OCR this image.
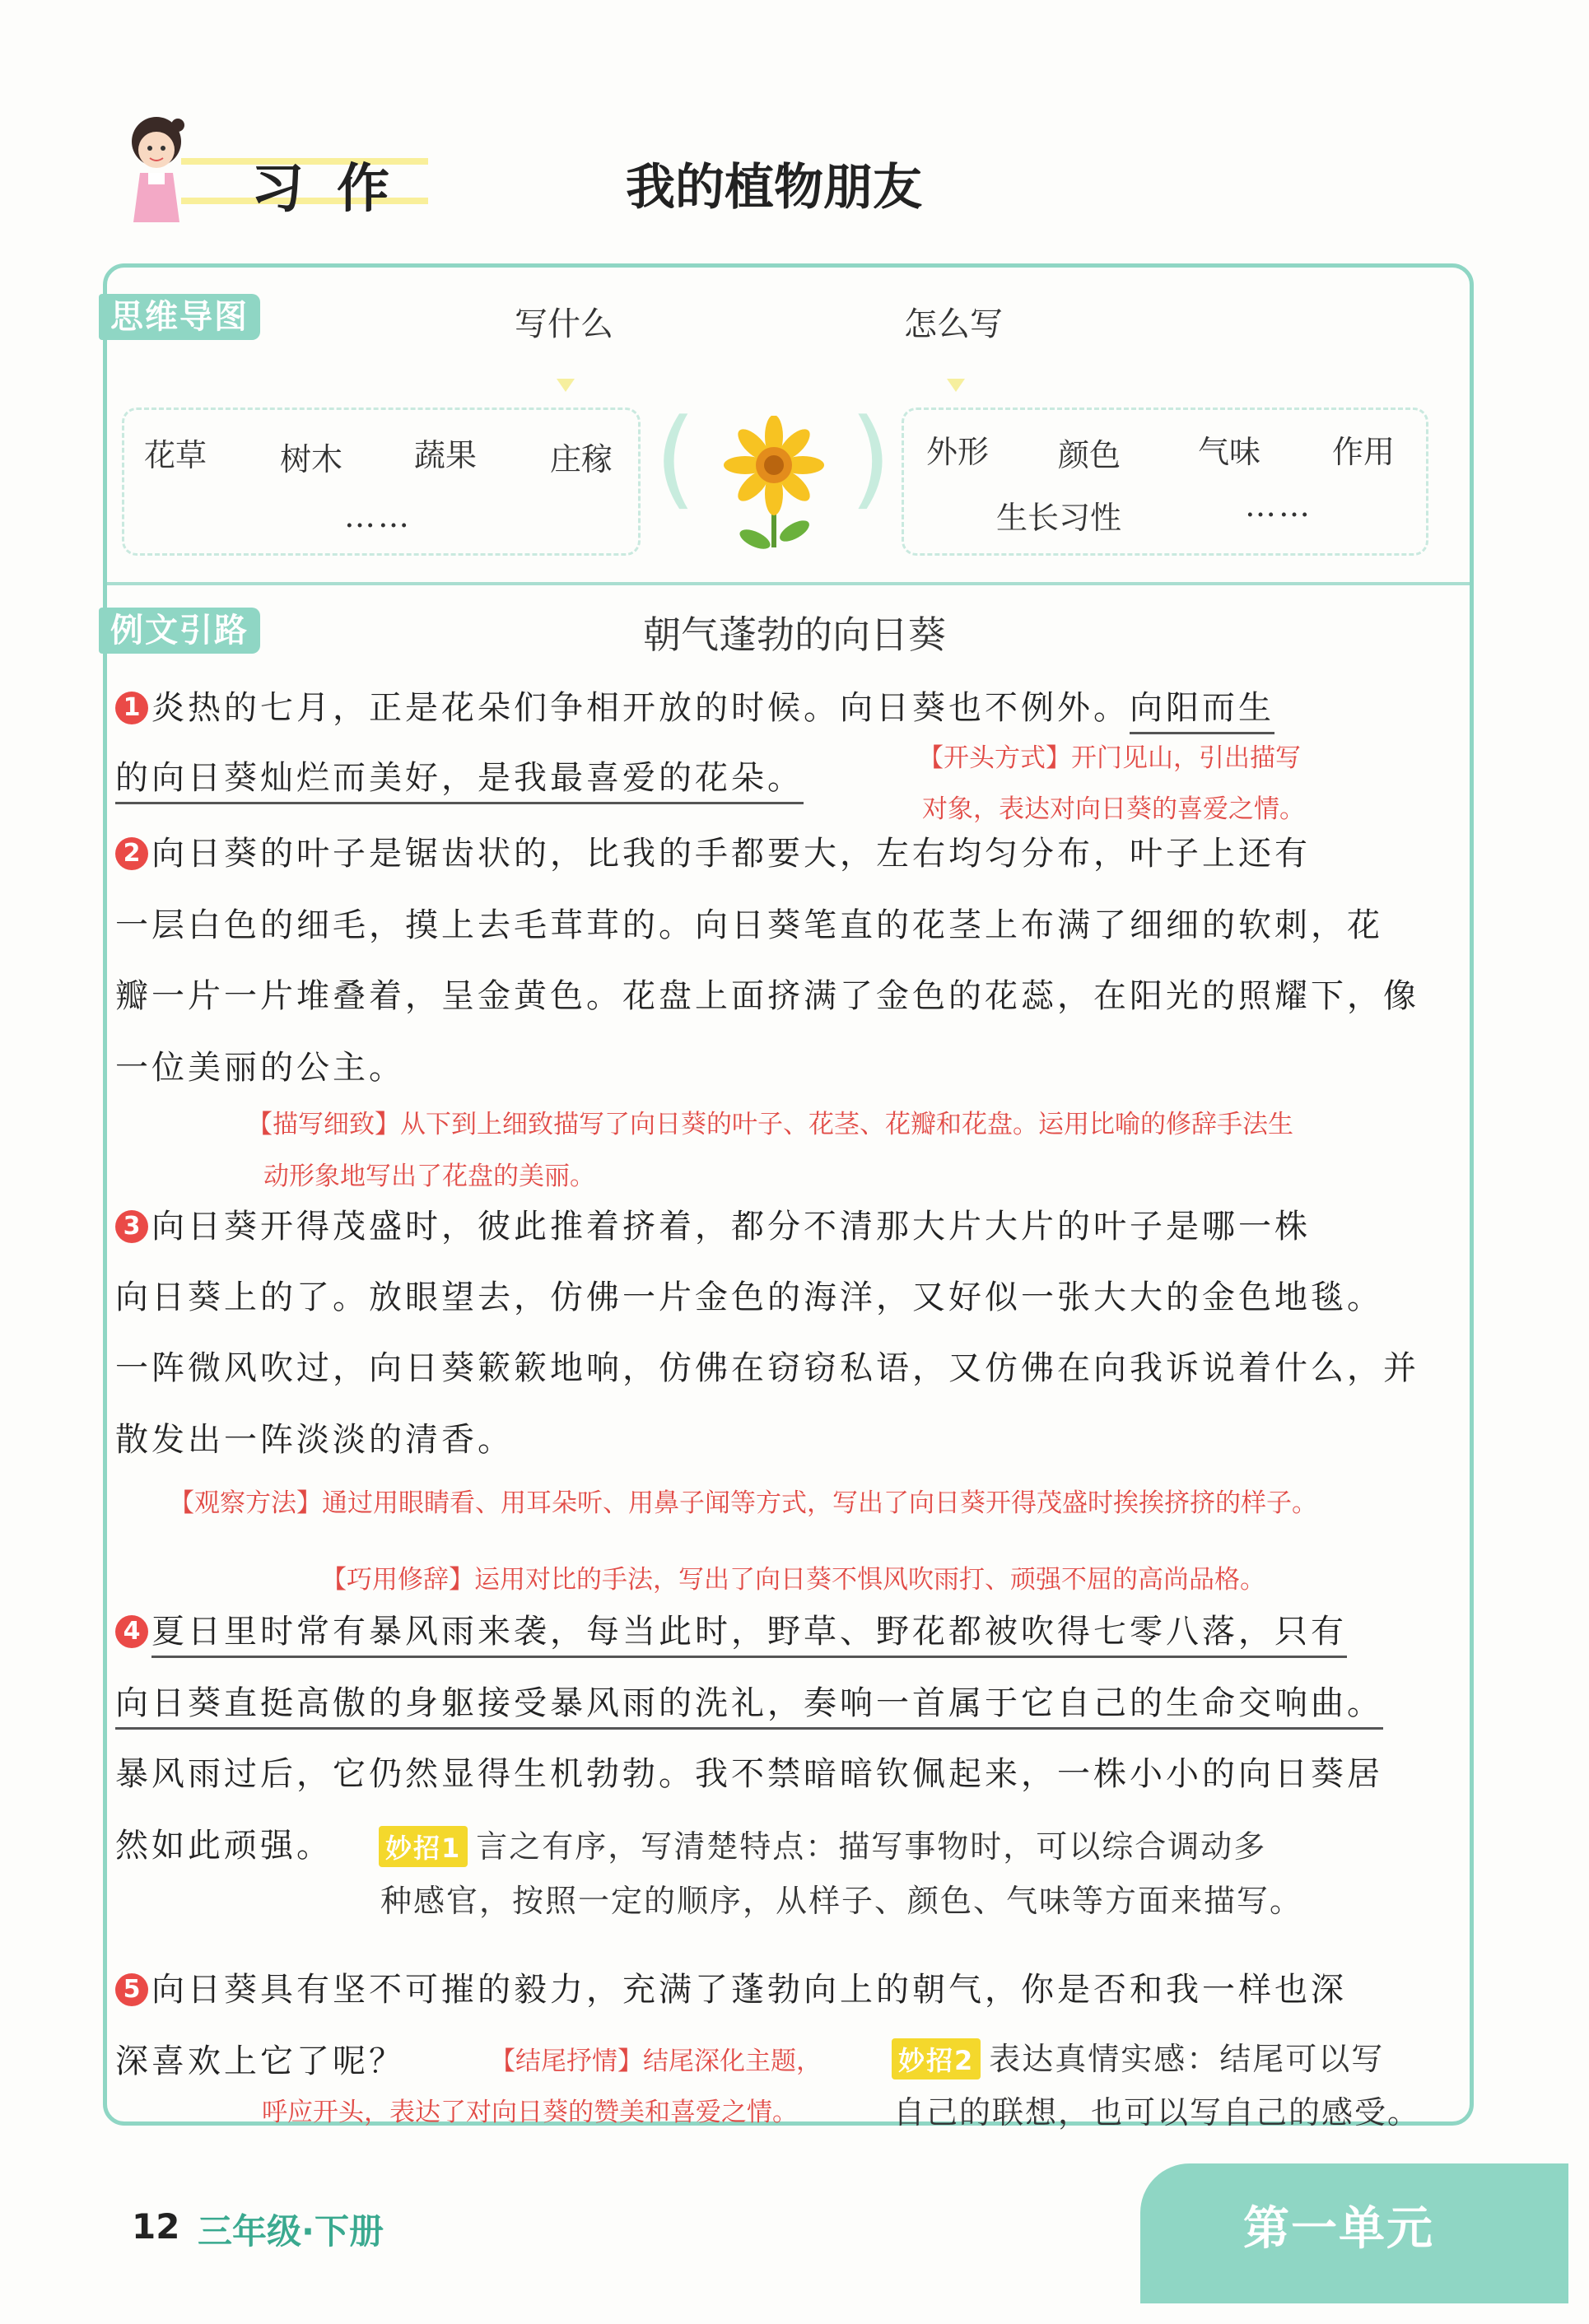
习作	我的植物朋友
思维导图	写什么	怎么写
花草 树木 蔬果 庄稼
…… ( ) 外形 颜色 气味 作用
生长习性	……
例文引路	朝气蓬勃的向日葵
1 炎热的七月，正是花朵们争相开放的时候。向日葵也不例外。向阳而生
的向日葵灿烂而美好，是我最喜爱的花朵。
【开头方式】开门见山，引出描写
对象，表达对向日葵的喜爱之情。
2 向日葵的叶子是锯齿状的，比我的手都要大，左右均匀分布，叶子上还有
一层白色的细毛，摸上去毛茸茸的。向日葵笔直的花茎上布满了细细的软刺，花
瓣一片一片堆叠着，呈金黄色。花盘上面挤满了金色的花蕊，在阳光的照耀下，像
一位美丽的公主。
【描写细致】从下到上细致描写了向日葵的叶子、花茎、花瓣和花盘。运用比喻的修辞手法生
动形象地写出了花盘的美丽。
3 向日葵开得茂盛时，彼此推着挤着，都分不清那大片大片的叶子是哪一株
向日葵上的了。放眼望去，仿佛一片金色的海洋，又好似一张大大的金色地毯。
一阵微风吹过，向日葵簌簌地响，仿佛在窃窃私语，又仿佛在向我诉说着什么，并
散发出一阵淡淡的清香。
【观察方法】通过用眼睛看、用耳朵听、用鼻子闻等方式，写出了向日葵开得茂盛时挨挨挤挤的样子。
【巧用修辞】运用对比的手法，写出了向日葵不惧风吹雨打、顽强不屈的高尚品格。
4 夏日里时常有暴风雨来袭，每当此时，野草、野花都被吹得七零八落，只有
向日葵直挺高傲的身躯接受暴风雨的洗礼，奏响一首属于它自己的生命交响曲。
暴风雨过后，它仍然显得生机勃勃。我不禁暗暗钦佩起来，一株小小的向日葵居
然如此顽强。	妙招1 言之有序，写清楚特点：描写事物时，可以综合调动多
种感官，按照一定的顺序，从样子、颜色、气味等方面来描写。
5 向日葵具有坚不可摧的毅力，充满了蓬勃向上的朝气，你是否和我一样也深
深喜欢上它了呢？	【结尾抒情】结尾深化主题，
呼应开头，表达了对向日葵的赞美和喜爱之情。
妙招2 表达真情实感：结尾可以写
自己的联想，也可以写自己的感受。
12 三年级·下册	第一单元
